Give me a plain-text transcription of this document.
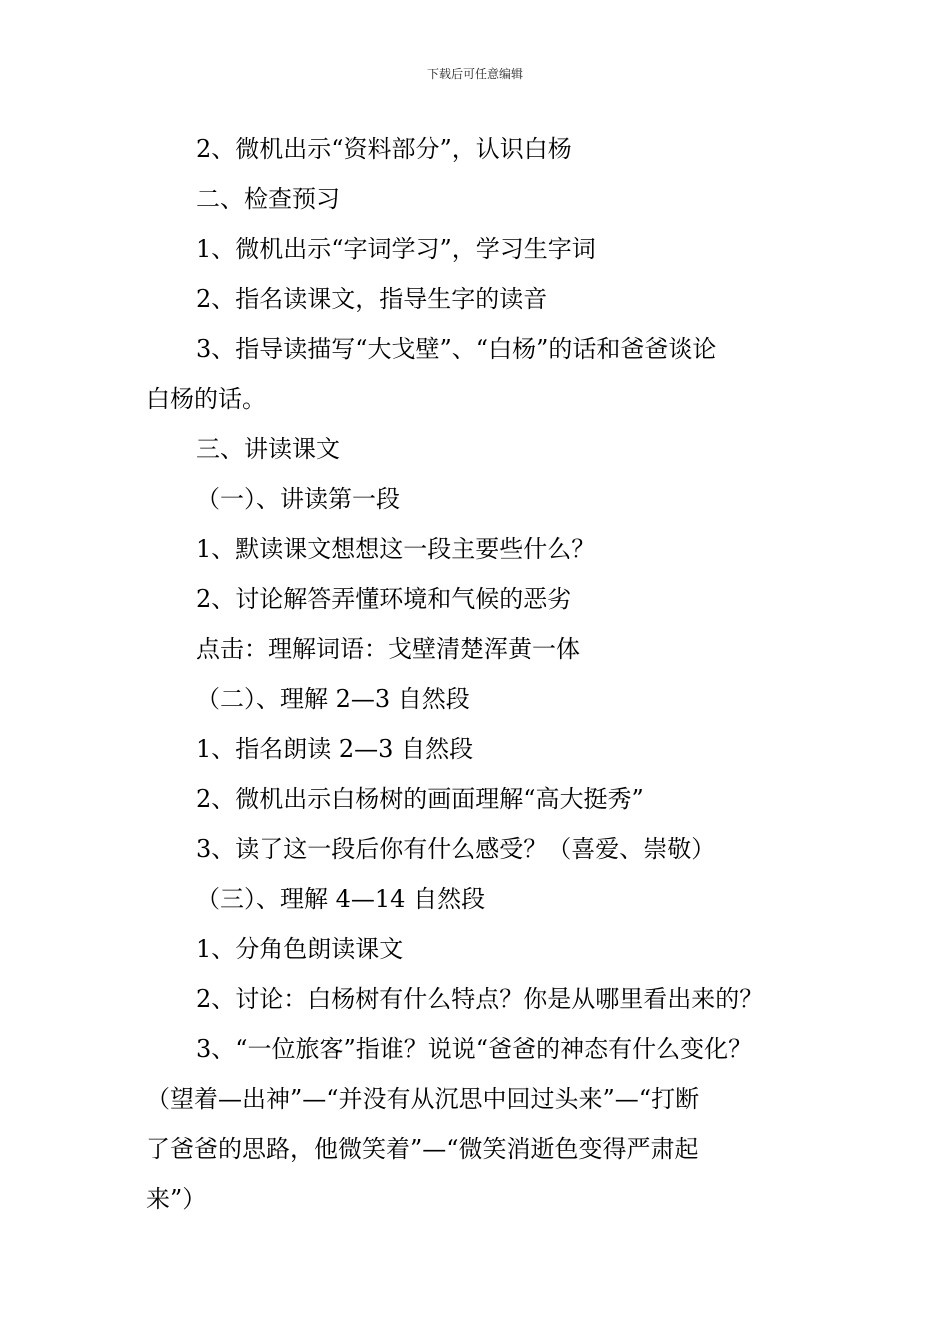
下载后可任意编辑
2、微机出示“资料部分”，认识白杨
二、检查预习
1、微机出示“字词学习”，学习生字词
2、指名读课文，指导生字的读音
3、指导读描写“大戈壁”、“白杨”的话和爸爸谈论
白杨的话。
三、讲读课文
（一）、讲读第一段
1、默读课文想想这一段主要些什么？
2、讨论解答弄懂环境和气候的恶劣
点击：理解词语：戈壁清楚浑黄一体
（二）、理解 2—3 自然段
1、指名朗读 2—3 自然段
2、微机出示白杨树的画面理解“高大挺秀”
3、读了这一段后你有什么感受？（喜爱、崇敬）
（三）、理解 4—14 自然段
1、分角色朗读课文
2、讨论：白杨树有什么特点？你是从哪里看出来的？
3、“一位旅客”指谁？说说“爸爸的神态有什么变化？
（望着—出神”—“并没有从沉思中回过头来”—“打断
了爸爸的思路，他微笑着”—“微笑消逝色变得严肃起
来”）
